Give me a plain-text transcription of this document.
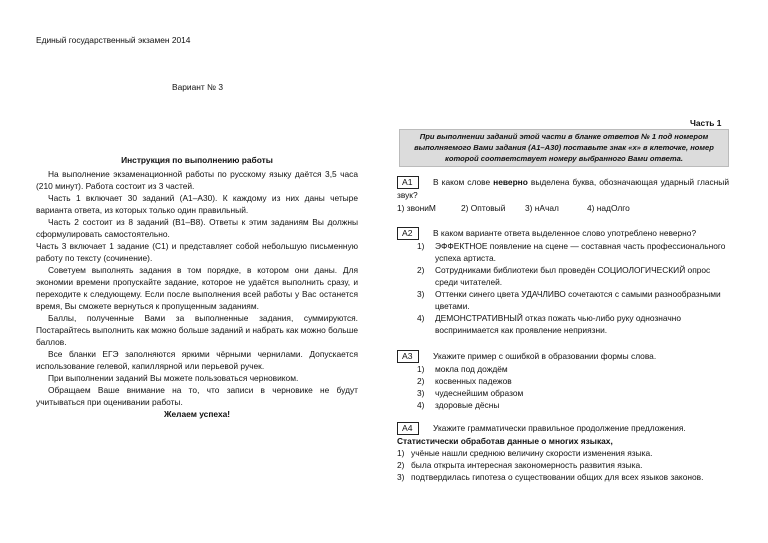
Единый государственный экзамен 2014
Вариант № 3
Инструкция по выполнению работы
На выполнение экзаменационной работы по русскому языку даётся 3,5 часа (210 минут). Работа состоит из 3 частей.
Часть 1 включает 30 заданий (А1–А30). К каждому из них даны четыре варианта ответа, из которых только один правильный.
Часть 2 состоит из 8 заданий (В1–В8). Ответы к этим заданиям Вы должны сформулировать самостоятельно.
Часть 3 включает 1 задание (С1) и представляет собой небольшую письменную работу по тексту (сочинение).
Советуем выполнять задания в том порядке, в котором они даны. Для экономии времени пропускайте задание, которое не удаётся выполнить сразу, и переходите к следующему. Если после выполнения всей работы у Вас останется время, Вы сможете вернуться к пропущенным заданиям.
Баллы, полученные Вами за выполненные задания, суммируются. Постарайтесь выполнить как можно больше заданий и набрать как можно больше баллов.
Все бланки ЕГЭ заполняются яркими чёрными чернилами. Допускается использование гелевой, капиллярной или перьевой ручек.
При выполнении заданий Вы можете пользоваться черновиком.
Обращаем Ваше внимание на то, что записи в черновике не будут учитываться при оценивании работы.
Желаем успеха!
Часть 1
При выполнении заданий этой части в бланке ответов № 1 под номером выполняемого Вами задания (А1–А30) поставьте знак «х» в клеточке, номер которой соответствует номеру выбранного Вами ответа.
А1 В каком слове неверно выделена буква, обозначающая ударный гласный звук?
1) звониМ	2) Оптовый	3) нАчал	4) надОлго
А2	В каком варианте ответа выделенное слово употреблено неверно?
1)	ЭФФЕКТНОЕ появление на сцене — составная часть профессионального успеха артиста.
2)	Сотрудниками библиотеки был проведён СОЦИОЛОГИЧЕСКИЙ опрос среди читателей.
3)	Оттенки синего цвета УДАЧЛИВО сочетаются с самыми разнообразными цветами.
4)	ДЕМОНСТРАТИВНЫЙ отказ пожать чью-либо руку однозначно воспринимается как проявление неприязни.
А3	Укажите пример с ошибкой в образовании формы слова.
1)	мокла под дождём
2)	косвенных падежов
3)	чудеснейшим образом
4)	здоровые дёсны
А4	Укажите грамматически правильное продолжение предложения.
Статистически обработав данные о многих языках,
1) учёные нашли среднюю величину скорости изменения языка.
2) была открыта интересная закономерность развития языка.
3) подтвердилась гипотеза о существовании общих для всех языков законов.
